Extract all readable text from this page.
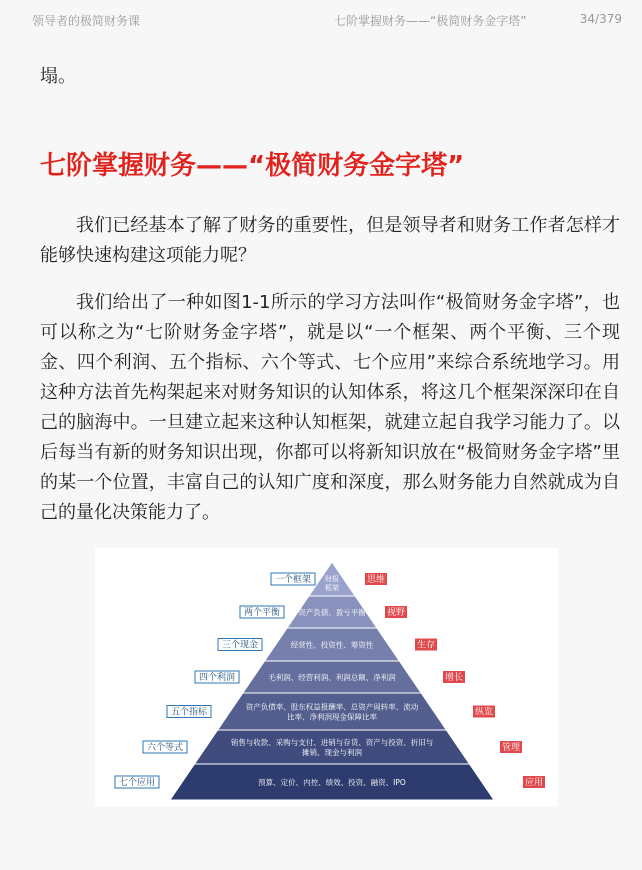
领导者的极简财务课	七阶掌握财务——“极简财务金字塔”	34/379
塌。
七阶掌握财务——“极简财务金字塔”

我们已经基本了解了财务的重要性，但是领导者和财务工作者怎样才能够快速构建这项能力呢？

我们给出了一种如图1-1所示的学习方法叫作“极简财务金字塔”，也可以称之为“七阶财务金字塔”，就是以“一个框架、两个平衡、三个现金、四个利润、五个指标、六个等式、七个应用”来综合系统地学习。用这种方法首先构架起来对财务知识的认知体系，将这几个框架深深印在自己的脑海中。一旦建立起来这种认知框架，就建立起自我学习能力了。以后每当有新的财务知识出现，你都可以将新知识放在“极简财务金字塔”里的某一个位置，丰富自己的认知广度和深度，那么财务能力自然就成为自己的量化决策能力了。

财报
框架
一个框架	思维
资产负债、盈亏平衡
两个平衡	视野
经营性、投资性、筹资性
三个现金	生存
毛利润、经营利润、利润总额、净利润
四个利润	增长
资产负债率、股东权益报酬率、总资产周转率、流动
比率、净利润现金保障比率
五个指标	纵览
销售与收款、采购与支付、进销与存货、资产与投资、折旧与
摊销、现金与利润
六个等式	管理
预算、定价、内控、绩效、投资、融资、IPO
七个应用	应用
